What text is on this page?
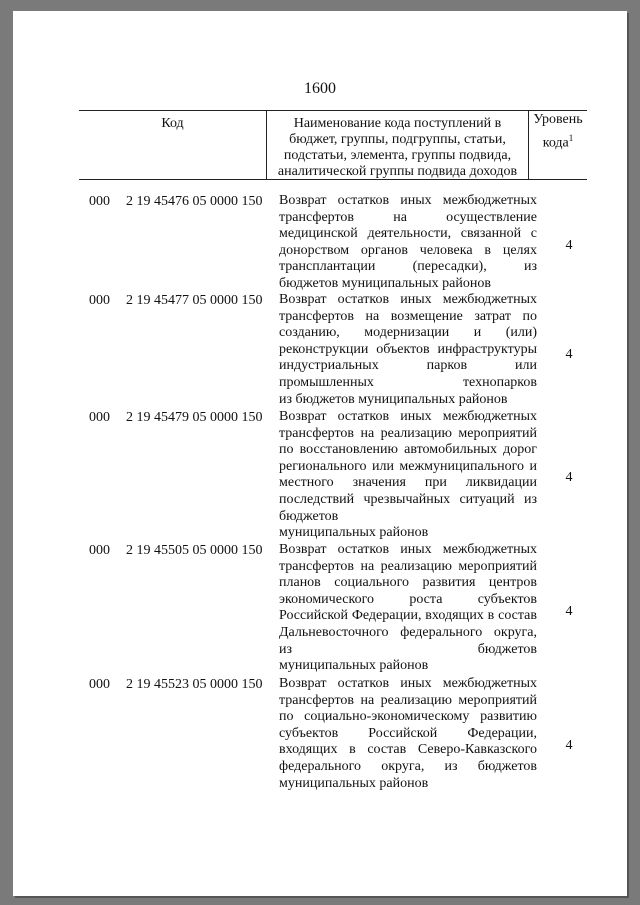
1600
Код	Наименование кода поступлений в бюджет, группы, подгруппы, статьи, подстатьи, элемента, группы подвида, аналитической группы подвида доходов
Уровень кода$^1$
000 2 19 45476 05 0000 150 Возврат остатков иных межбюджетных трансфертов на осуществление медицинской деятельности, связанной с донорством органов человека в целях трансплантации (пересадки), из
бюджетов муниципальных районов
4
000 2 19 45477 05 0000 150 Возврат остатков иных межбюджетных трансфертов на возмещение затрат по созданию, модернизации и (или) реконструкции объектов инфраструктуры индустриальных парков или промышленных технопарков
из бюджетов муниципальных районов
4
000 2 19 45479 05 0000 150 Возврат остатков иных межбюджетных трансфертов на реализацию мероприятий по восстановлению автомобильных дорог регионального или межмуниципального и местного значения при ликвидации последствий чрезвычайных ситуаций из бюджетов
муниципальных районов
4
000 2 19 45505 05 0000 150 Возврат остатков иных межбюджетных трансфертов на реализацию мероприятий планов социального развития центров экономического роста субъектов Российской Федерации, входящих в состав Дальневосточного федерального округа, из бюджетов
муниципальных районов
4
000 2 19 45523 05 0000 150 Возврат остатков иных межбюджетных трансфертов на реализацию мероприятий по социально-экономическому развитию субъектов Российской Федерации, входящих в состав Северо-Кавказского федерального округа, из бюджетов
муниципальных районов
4
